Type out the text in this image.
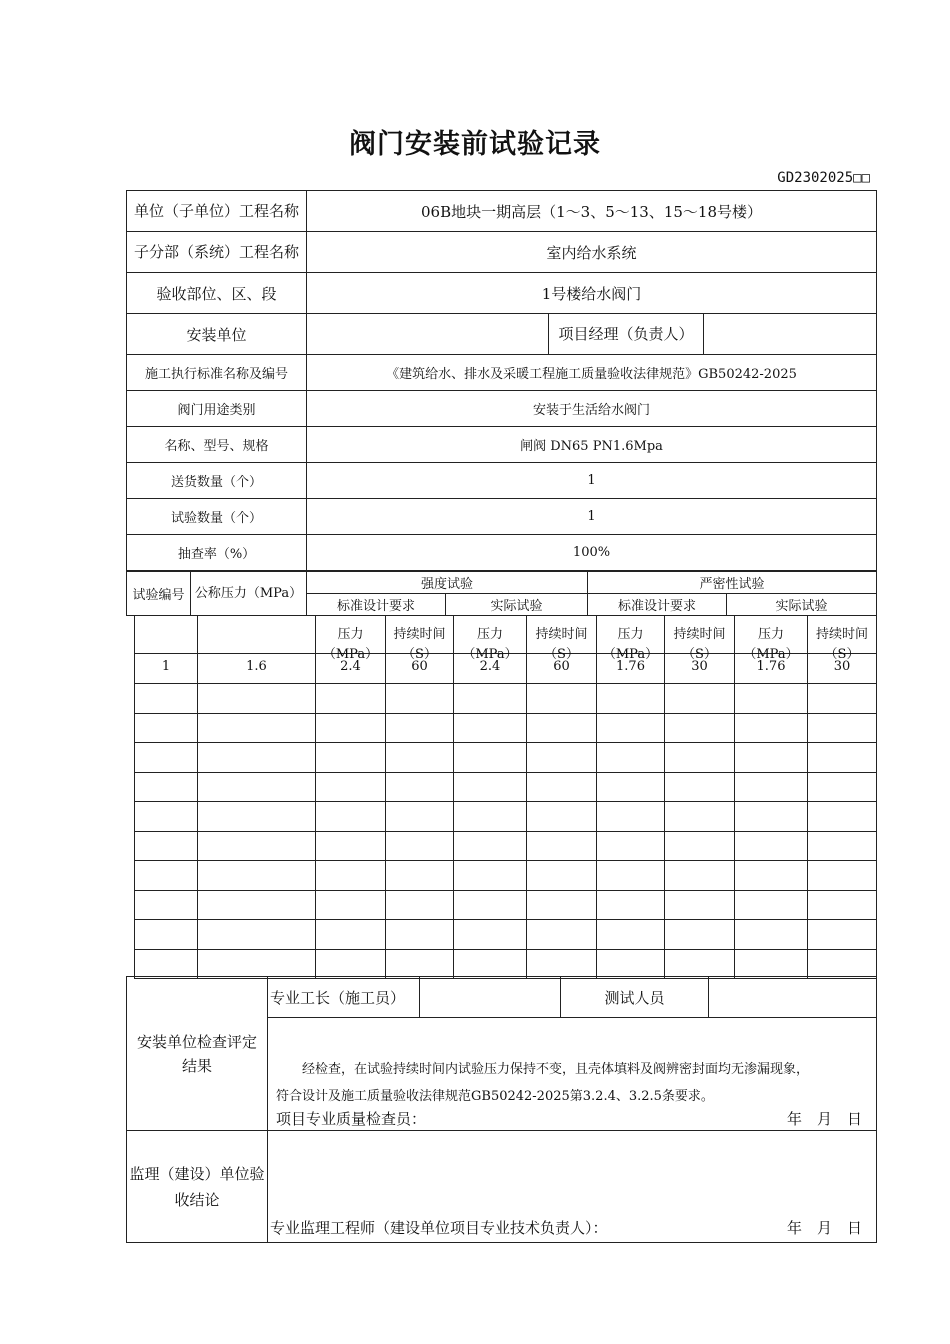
阀门安装前试验记录
GD2302025□□
单位（子单位）工程名称	06B地块一期高层（1～3、5～13、15～18号楼）		

子分部（系统）工程名称	室内给水系统		
验收部位、区、段	1号楼给水阀门		
安装单位		项目经理（负责人）	

施工执行标准名称及编号	《建筑给水、排水及采暖工程施工质量验收法律规范》GB50242-2025		
阀门用途类别	安装于生活给水阀门		
名称、型号、规格	闸阀 DN65 PN1.6Mpa		
送货数量（个）	1		
试验数量（个）	1		
抽查率（%）	100%		
试验编号	公称压力（MPa）	强度试验		严密性试验	
		标准设计要求	实际试验	标准设计要求	实际试验

		压力（MPa）	持续时间（S）	压力（MPa）	持续时间（S）	压力（MPa）	持续时间（S）	压力（MPa）	持续时间（S）

1	1.6	2.4	60	2.4	60	1.76	30	1.76	30

安装单位检查评定结果	专业工长（施工员）		测试人员	

	经检查，在试验持续时间内试验压力保持不变，且壳体填料及阀辨密封面均无渗漏现象，
符合设计及施工质量验收法律规范GB50242-2025第3.2.4、3.2.5条要求。
项目专业质量检查员： 年　月　日			

监理（建设）单位验收结论	专业监理工程师（建设单位项目专业技术负责人）： 年　月　日			
